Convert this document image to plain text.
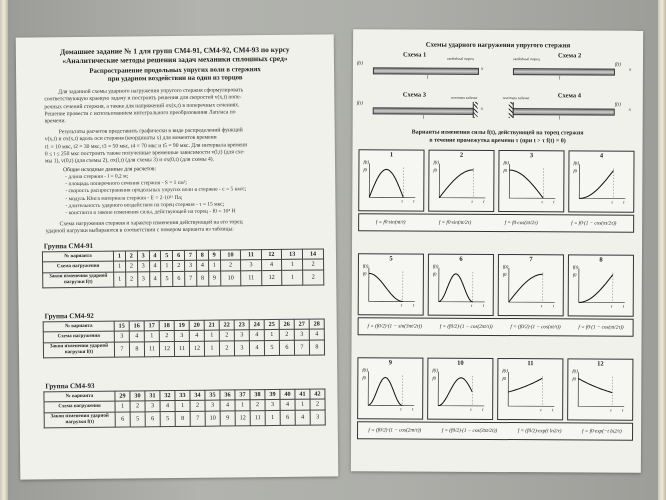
Домашнее задание № 1 для групп СМ4-91, СМ4-92, СМ4-93 по курсу
«Аналитические методы решения задач механики сплошных сред»
Распространение продольных упругих волн в стержнях
при ударном воздействии на один из торцов
Для заданной схемы ударного нагружения упругого стержня сформулировать
соответствующую краевую задачу и построить решения для скоростей v(x,t) попе-
речных сечений стержня, а также для напряжений σx(x,t) в поперечных сечениях.
Решение провести с использованием интегрального преобразования Лапласа по
времени.
Результаты расчетов представить графически в виде распределений функций
v(x,t) и σx(x,t) вдоль оси стержня (координаты x) для моментов времени
t1 = 10 мкс, t2 = 30 мкс, t3 = 50 мкс, t4 = 70 мкс и t5 = 90 мкс. Для интервала времени
0 ≤ t ≤ 250 мкс построить также полученные временные зависимости v(l,t) (для схе-
мы 1), v(0,t) (для схемы 2), σx(l,t) (для схемы 3) и σx(0,t) (для схемы 4).
Общие исходные данные для расчетов:
- длина стержня - l = 0,2 м;
- площадь поперечного сечения стержня - S = 1 см²;
- скорость распространения продольных упругих волн в стержне - c = 5 км/с;
- модуль Юнга материала стержня - E = 2·10¹¹ Па;
- длительность ударного воздействия на торец стержня - τ = 15 мкс;
- константа в законе изменения силы, действующей на торец - f0 = 10⁴ Н
Схема нагружения стержня и характер изменения действующей на его торец
ударной нагрузки выбираются в соответствии с номером варианта из таблицы:
Группа СМ4-91
№ варианта	1	2	3	4	5	6	7	8	9	10	11	12	13	14
Схема нагружения	1	2	3	4	1	2	3	4	1	2	3	4	1	2
Закон изменения ударной нагрузки f(t)	1	2	3	4	5	6	7	8	9	10	11	12	1	2
Группа СМ4-92
№ варианта	15	16	17	18	19	20	21	22	23	24	25	26	27	28
Схема нагружения	3	4	1	2	3	4	1	2	3	4	1	2	3	4
Закон изменения ударной нагрузки f(t)	7	8	11	12	11	12	1	2	3	4	5	6	7	8
Группа СМ4-93
№ варианта	29	30	31	32	33	34	35	36	37	38	39	40	41	42
Схема нагружения	1	2	3	4	1	2	3	4	1	2	3	4	1	2
Закон изменения ударной нагрузки f(t)	6	5	6	5	8	7	10	9	12	11	1	6	4	3
Схемы ударного нагружения упругого стержня
Схема 1
f(t)
l
x
свободный торец	Схема 2
f(t)
l
x
свободный торец
Схема 3
f(t)
l
x
жесткая заделка	Схема 4
f(t)
l
x
жесткая заделка
Варианты изменения силы f(t), действующей на торец стержня
в течение промежутка времени τ (при t > τ f(t) = 0)
1
f(t)
t
τ
f0
f = f0·sin(πt/τ)	f = f0·sin(πt/2τ)	f = f0·cos(πt/2τ)	f = f0·(1 − cos(πt/2τ))
2
f(t)
t
τ
f0
3
f(t)
t
τ
f0
4
f(t)
t
τ
f0
5
f(t)
t
τ
f0
f = (f0/2)·(1 − sin(3πt/2τ))	f = (f0/2)·(1 − cos(2πt/τ))	f = (f0/2)·(1 − cos(πt/τ))	f = f0·(1 − cos(πt/2τ))
6
f(t)
t
τ
f0
7
f(t)
t
τ
f0
8
f(t)
t
τ
f0
9
f(t)
t
τ
f0
f = (f0/2)·(1 − cos(2πt/τ))	f = (f0/2)·(1 − cos(3πt/2τ))	f = (f0/2)·exp(t ln2/τ)	f = f0·exp(−t ln2/τ)
10
f(t)
t
τ
f0
11
f(t)
t
τ
f0
12
f(t)
t
τ
f0
